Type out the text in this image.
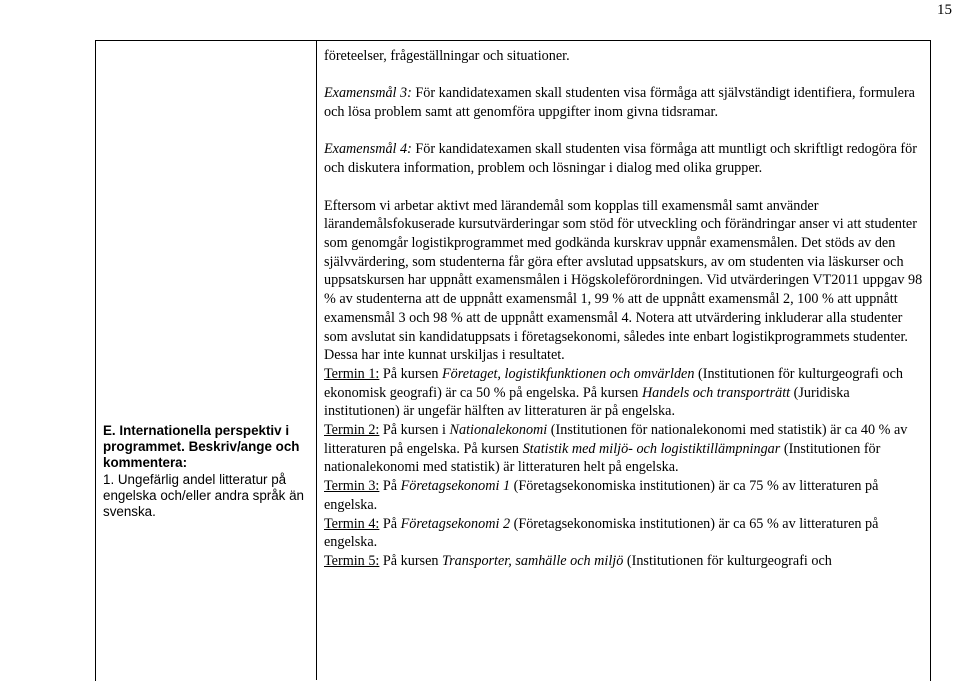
15

E. Internationella perspektiv i programmet. Beskriv/ange och kommentera:

1. Ungefärlig andel litteratur på engelska och/eller andra språk än svenska.

företeelser, frågeställningar och situationer.

Examensmål 3: För kandidatexamen skall studenten visa förmåga att självständigt identifiera, formulera och lösa problem samt att genomföra uppgifter inom givna tidsramar.

Examensmål 4: För kandidatexamen skall studenten visa förmåga att muntligt och skriftligt redogöra för och diskutera information, problem och lösningar i dialog med olika grupper.

Eftersom vi arbetar aktivt med lärandemål som kopplas till examensmål samt använder lärandemålsfokuserade kursutvärderingar som stöd för utveckling och förändringar anser vi att studenter som genomgår logistikprogrammet med godkända kurskrav uppnår examensmålen. Det stöds av den självvärdering, som studenterna får göra efter avslutad uppsatskurs, av om studenten via läskurser och uppsatskursen har uppnått examensmålen i Högskoleförordningen. Vid utvärderingen VT2011 uppgav 98 % av studenterna att de uppnått examensmål 1, 99 % att de uppnått examensmål 2, 100 % att uppnått examensmål 3 och 98 % att de uppnått examensmål 4. Notera att utvärdering inkluderar alla studenter som avslutat sin kandidatuppsats i företagsekonomi, således inte enbart logistikprogrammets studenter. Dessa har inte kunnat urskiljas i resultatet.

Termin 1: På kursen Företaget, logistikfunktionen och omvärlden (Institutionen för kulturgeografi och ekonomisk geografi) är ca 50 % på engelska. På kursen Handels och transporträtt (Juridiska institutionen) är ungefär hälften av litteraturen är på engelska.

Termin 2: På kursen i Nationalekonomi (Institutionen för nationalekonomi med statistik) är ca 40 % av litteraturen på engelska. På kursen Statistik med miljö- och logistiktillämpningar (Institutionen för nationalekonomi med statistik) är litteraturen helt på engelska.

Termin 3: På Företagsekonomi 1 (Företagsekonomiska institutionen) är ca 75 % av litteraturen på engelska.

Termin 4: På Företagsekonomi 2 (Företagsekonomiska institutionen) är ca 65 % av litteraturen på engelska.

Termin 5: På kursen Transporter, samhälle och miljö (Institutionen för kulturgeografi och
